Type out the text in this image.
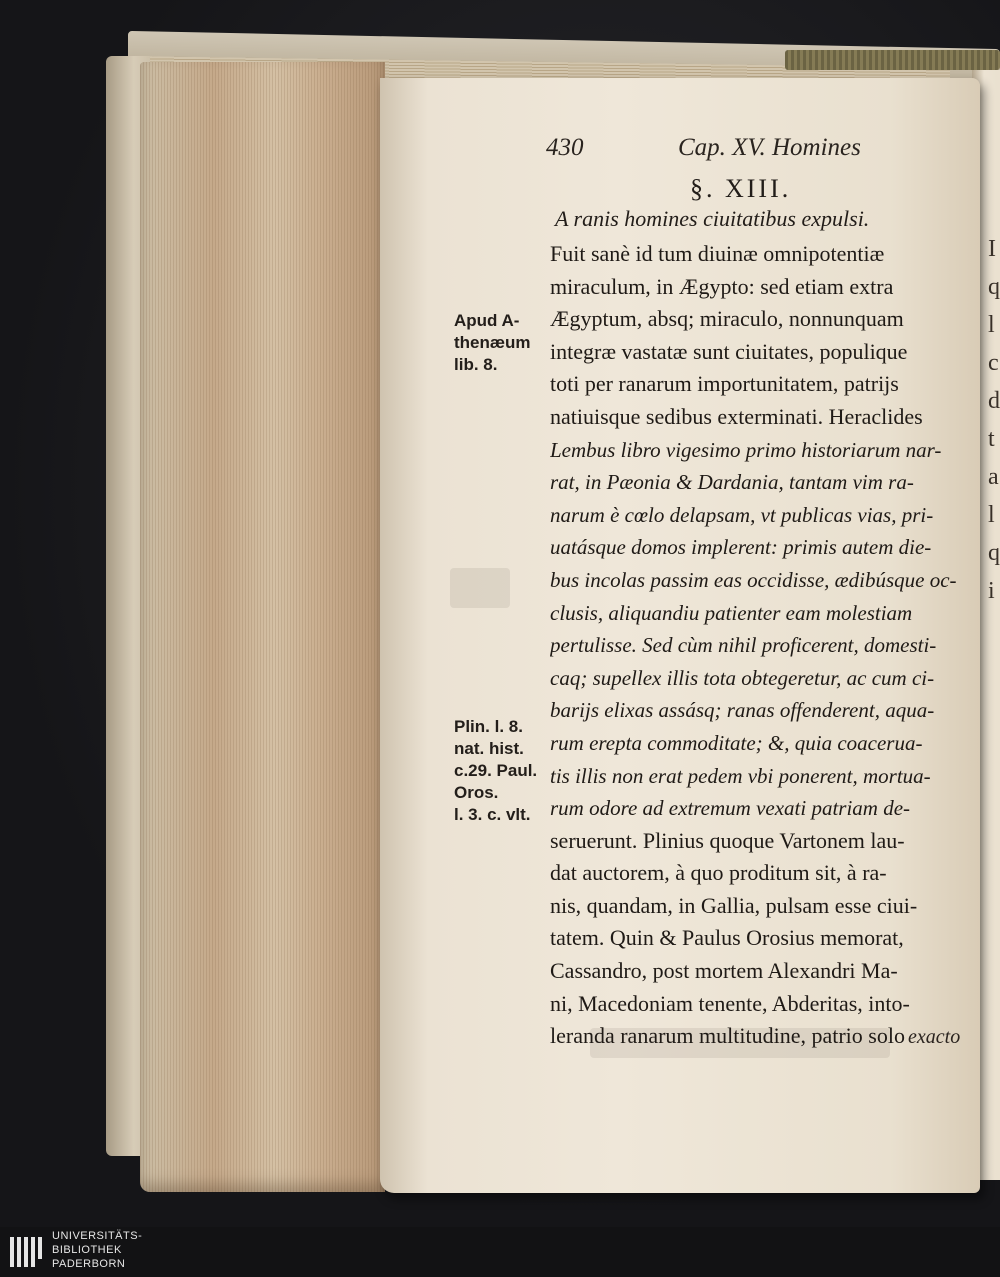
I
q
l
c
d
t
a
l
q
i
430	Cap. XV. Homines
§. XIII.
A ranis homines ciuitatibus expulsi.
Fuit sanè id tum diuinæ omnipotentiæ
miraculum, in Ægypto: sed etiam extra
Ægyptum, absq; miraculo, nonnunquam
integræ vastatæ sunt ciuitates, populique
toti per ranarum importunitatem, patrijs
natiuisque sedibus exterminati. Heraclides
Lembus libro vigesimo primo historiarum nar-
rat, in Pæonia & Dardania, tantam vim ra-
narum è cœlo delapsam, vt publicas vias, pri-
uatásque domos implerent: primis autem die-
bus incolas passim eas occidisse, ædibúsque oc-
clusis, aliquandiu patienter eam molestiam
pertulisse. Sed cùm nihil proficerent, domesti-
caq; supellex illis tota obtegeretur, ac cum ci-
barijs elixas assásq; ranas offenderent, aqua-
rum erepta commoditate; &, quia coacerua-
tis illis non erat pedem vbi ponerent, mortua-
rum odore ad extremum vexati patriam de-
seruerunt. Plinius quoque Vartonem lau-
dat auctorem, à quo proditum sit, à ra-
nis, quandam, in Gallia, pulsam esse ciui-
tatem. Quin & Paulus Orosius memorat,
Cassandro, post mortem Alexandri Ma-
ni, Macedoniam tenente, Abderitas, into-
leranda ranarum multitudine, patrio solo
Apud A-
thenæum
lib. 8.
Plin. l. 8.
nat. hist.
c.29. Paul.
Oros.
l. 3. c. vlt.
exacto
UNIVERSITÄTS-
BIBLIOTHEK
PADERBORN
